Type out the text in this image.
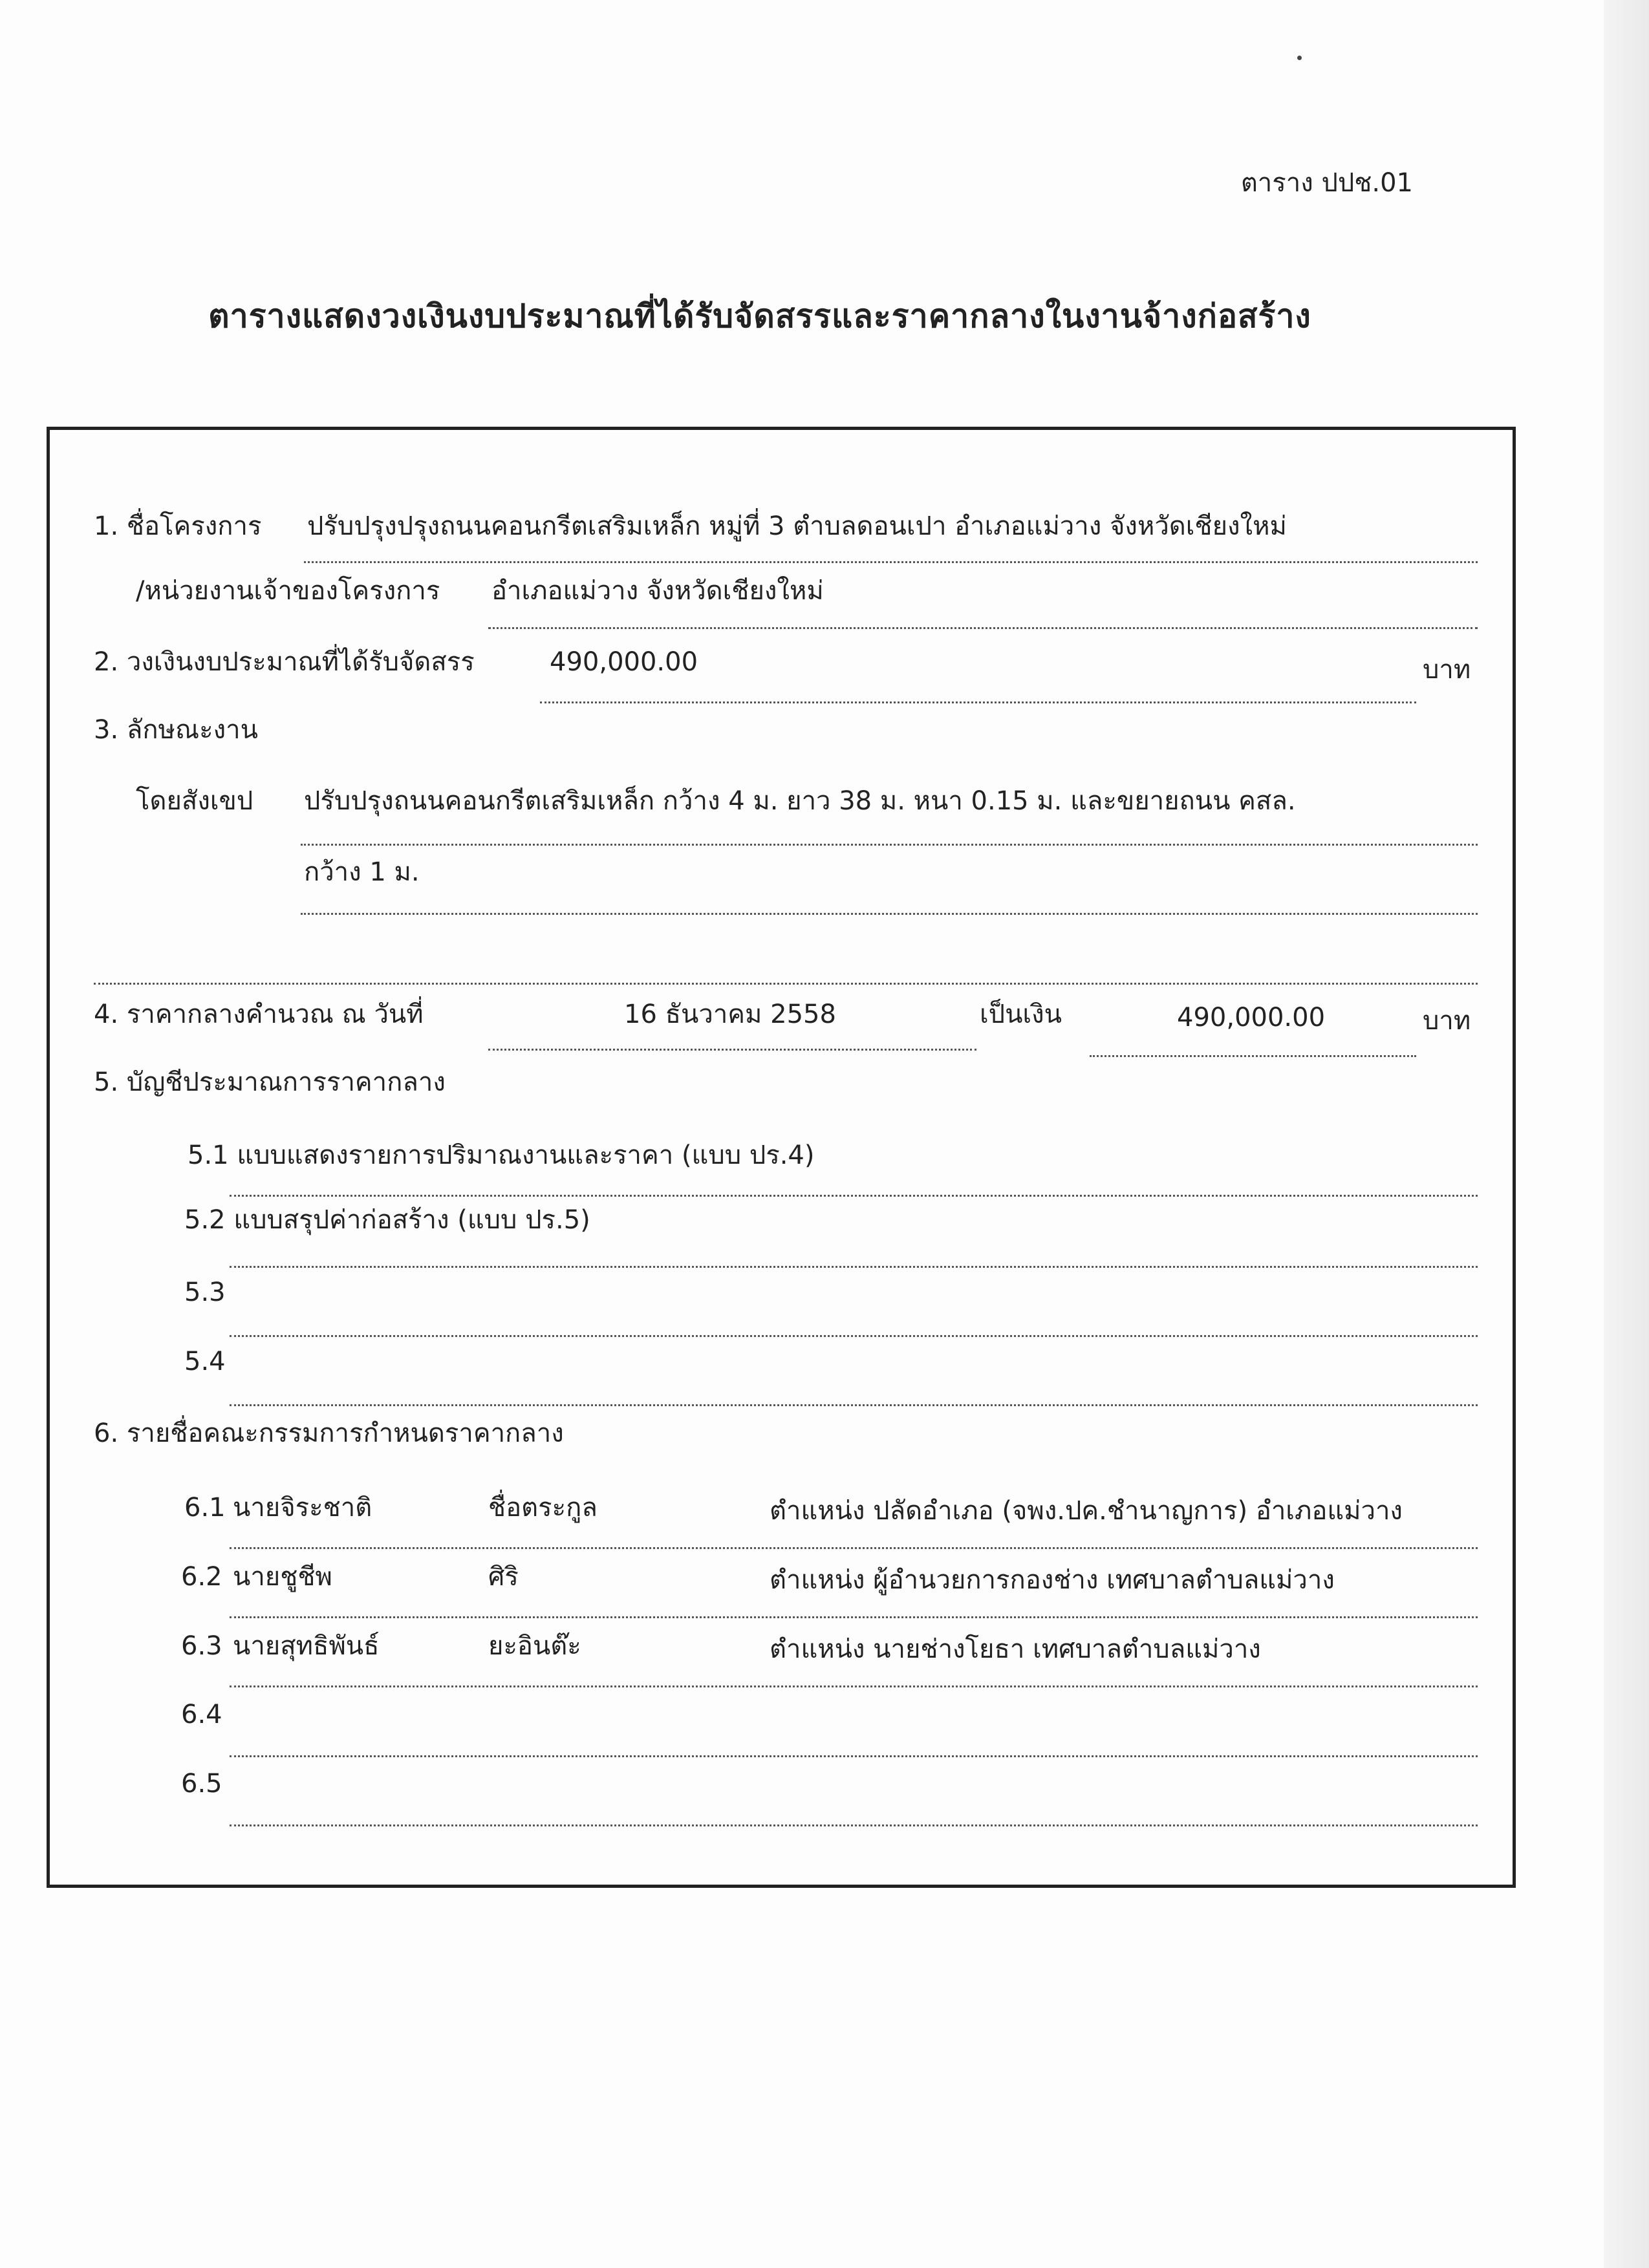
ตาราง ปปช.01
ตารางแสดงวงเงินงบประมาณที่ได้รับจัดสรรและราคากลางในงานจ้างก่อสร้าง
1. ชื่อโครงการ ปรับปรุงปรุงถนนคอนกรีตเสริมเหล็ก หมู่ที่ 3 ตำบลดอนเปา อำเภอแม่วาง จังหวัดเชียงใหม่
/หน่วยงานเจ้าของโครงการ อำเภอแม่วาง จังหวัดเชียงใหม่
2. วงเงินงบประมาณที่ได้รับจัดสรร	490,000.00	บาท
3. ลักษณะงาน
โดยสังเขป ปรับปรุงถนนคอนกรีตเสริมเหล็ก กว้าง 4 ม. ยาว 38 ม. หนา 0.15 ม. และขยายถนน คสล.
กว้าง 1 ม.
4. ราคากลางคำนวณ ณ วันที่	16 ธันวาคม 2558	เป็นเงิน	490,000.00	บาท
5. บัญชีประมาณการราคากลาง
5.1 แบบแสดงรายการปริมาณงานและราคา (แบบ ปร.4)
5.2 แบบสรุปค่าก่อสร้าง (แบบ ปร.5)
5.3
5.4
6. รายชื่อคณะกรรมการกำหนดราคากลาง
6.1 นายจิระชาติ	ชื่อตระกูล	ตำแหน่ง ปลัดอำเภอ (จพง.ปค.ชำนาญการ) อำเภอแม่วาง
6.2 นายชูชีพ	ศิริ	ตำแหน่ง ผู้อำนวยการกองช่าง เทศบาลตำบลแม่วาง
6.3 นายสุทธิพันธ์	ยะอินต๊ะ	ตำแหน่ง นายช่างโยธา เทศบาลตำบลแม่วาง
6.4
6.5
